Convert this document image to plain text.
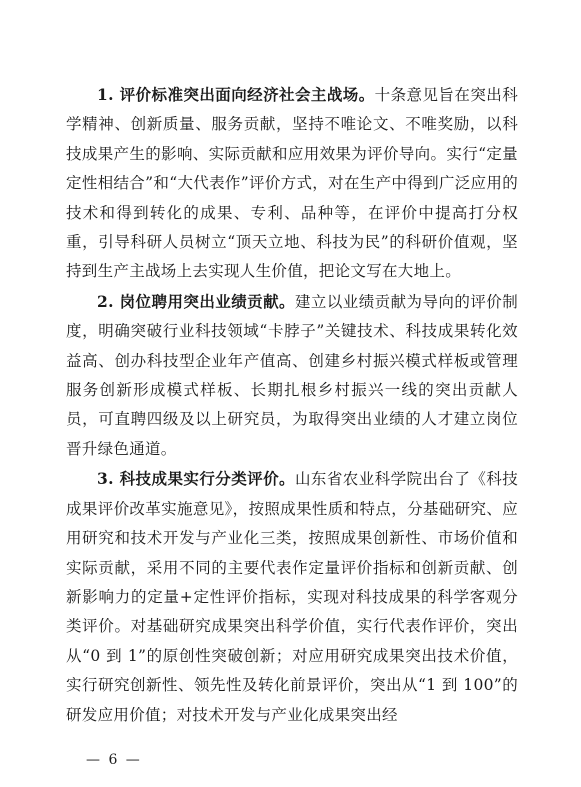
1. 评价标准突出面向经济社会主战场。十条意见旨在突出科学精神、创新质量、服务贡献，坚持不唯论文、不唯奖励，以科技成果产生的影响、实际贡献和应用效果为评价导向。实行“定量定性相结合”和“大代表作”评价方式，对在生产中得到广泛应用的技术和得到转化的成果、专利、品种等，在评价中提高打分权重，引导科研人员树立“顶天立地、科技为民”的科研价值观，坚持到生产主战场上去实现人生价值，把论文写在大地上。

2. 岗位聘用突出业绩贡献。建立以业绩贡献为导向的评价制度，明确突破行业科技领域“卡脖子”关键技术、科技成果转化效益高、创办科技型企业年产值高、创建乡村振兴模式样板或管理服务创新形成模式样板、长期扎根乡村振兴一线的突出贡献人员，可直聘四级及以上研究员，为取得突出业绩的人才建立岗位晋升绿色通道。

3. 科技成果实行分类评价。山东省农业科学院出台了《科技成果评价改革实施意见》，按照成果性质和特点，分基础研究、应用研究和技术开发与产业化三类，按照成果创新性、市场价值和实际贡献，采用不同的主要代表作定量评价指标和创新贡献、创新影响力的定量+定性评价指标，实现对科技成果的科学客观分类评价。对基础研究成果突出科学价值，实行代表作评价，突出从“0 到 1”的原创性突破创新；对应用研究成果突出技术价值，实行研究创新性、领先性及转化前景评价，突出从“1 到 100”的研发应用价值；对技术开发与产业化成果突出经

— 6 —
